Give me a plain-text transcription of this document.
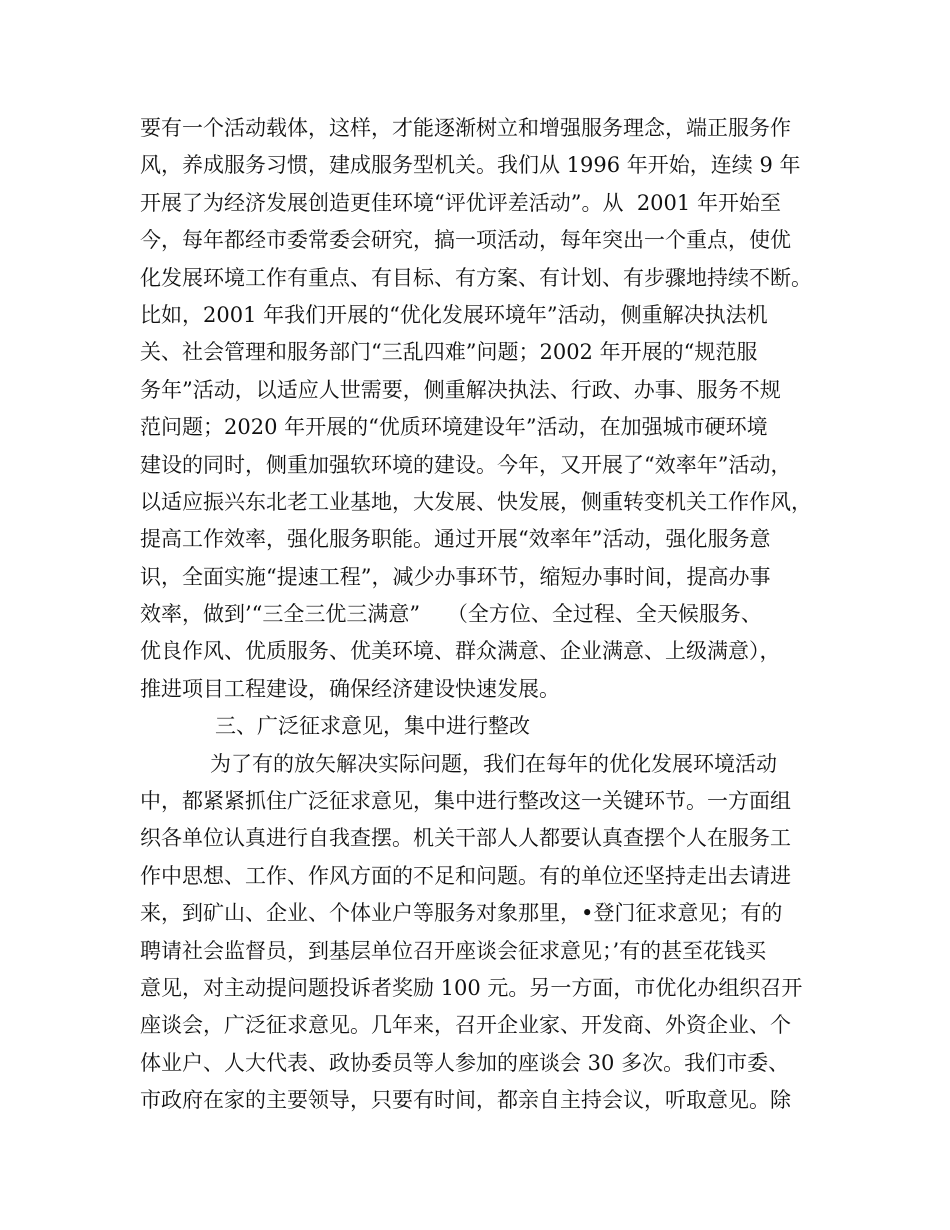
要有一个活动载体，这样，才能逐渐树立和增强服务理念，端正服务作
风，养成服务习惯，建成服务型机关。我们从 1996 年开始，连续 9 年
开展了为经济发展创造更佳环境“评优评差活动”。从  2001 年开始至
今，每年都经市委常委会研究，搞一项活动，每年突出一个重点，使优
化发展环境工作有重点、有目标、有方案、有计划、有步骤地持续不断。
比如，2001 年我们开展的“优化发展环境年”活动，侧重解决执法机
关、社会管理和服务部门“三乱四难”问题；2002 年开展的“规范服
务年”活动，以适应人世需要，侧重解决执法、行政、办事、服务不规
范问题；2020 年开展的“优质环境建设年”活动，在加强城市硬环境
建设的同时，侧重加强软环境的建设。今年，又开展了“效率年”活动，
以适应振兴东北老工业基地，大发展、快发展，侧重转变机关工作作风，
提高工作效率，强化服务职能。通过开展“效率年”活动，强化服务意
识，全面实施“提速工程”，减少办事环节，缩短办事时间，提高办事
效率，做到’“三全三优三满意”    （全方位、全过程、全天候服务、
优良作风、优质服务、优美环境、群众满意、企业满意、上级满意），
推进项目工程建设，确保经济建设快速发展。
三、广泛征求意见，集中进行整改
为了有的放矢解决实际问题，我们在每年的优化发展环境活动
中，都紧紧抓住广泛征求意见，集中进行整改这一关键环节。一方面组
织各单位认真进行自我查摆。机关干部人人都要认真查摆个人在服务工
作中思想、工作、作风方面的不足和问题。有的单位还坚持走出去请进
来，到矿山、企业、个体业户等服务对象那里，•登门征求意见；有的
聘请社会监督员，到基层单位召开座谈会征求意见；’有的甚至花钱买
意见，对主动提问题投诉者奖励 100 元。另一方面，市优化办组织召开
座谈会，广泛征求意见。几年来，召开企业家、开发商、外资企业、个
体业户、人大代表、政协委员等人参加的座谈会 30 多次。我们市委、
市政府在家的主要领导，只要有时间，都亲自主持会议，听取意见。除
